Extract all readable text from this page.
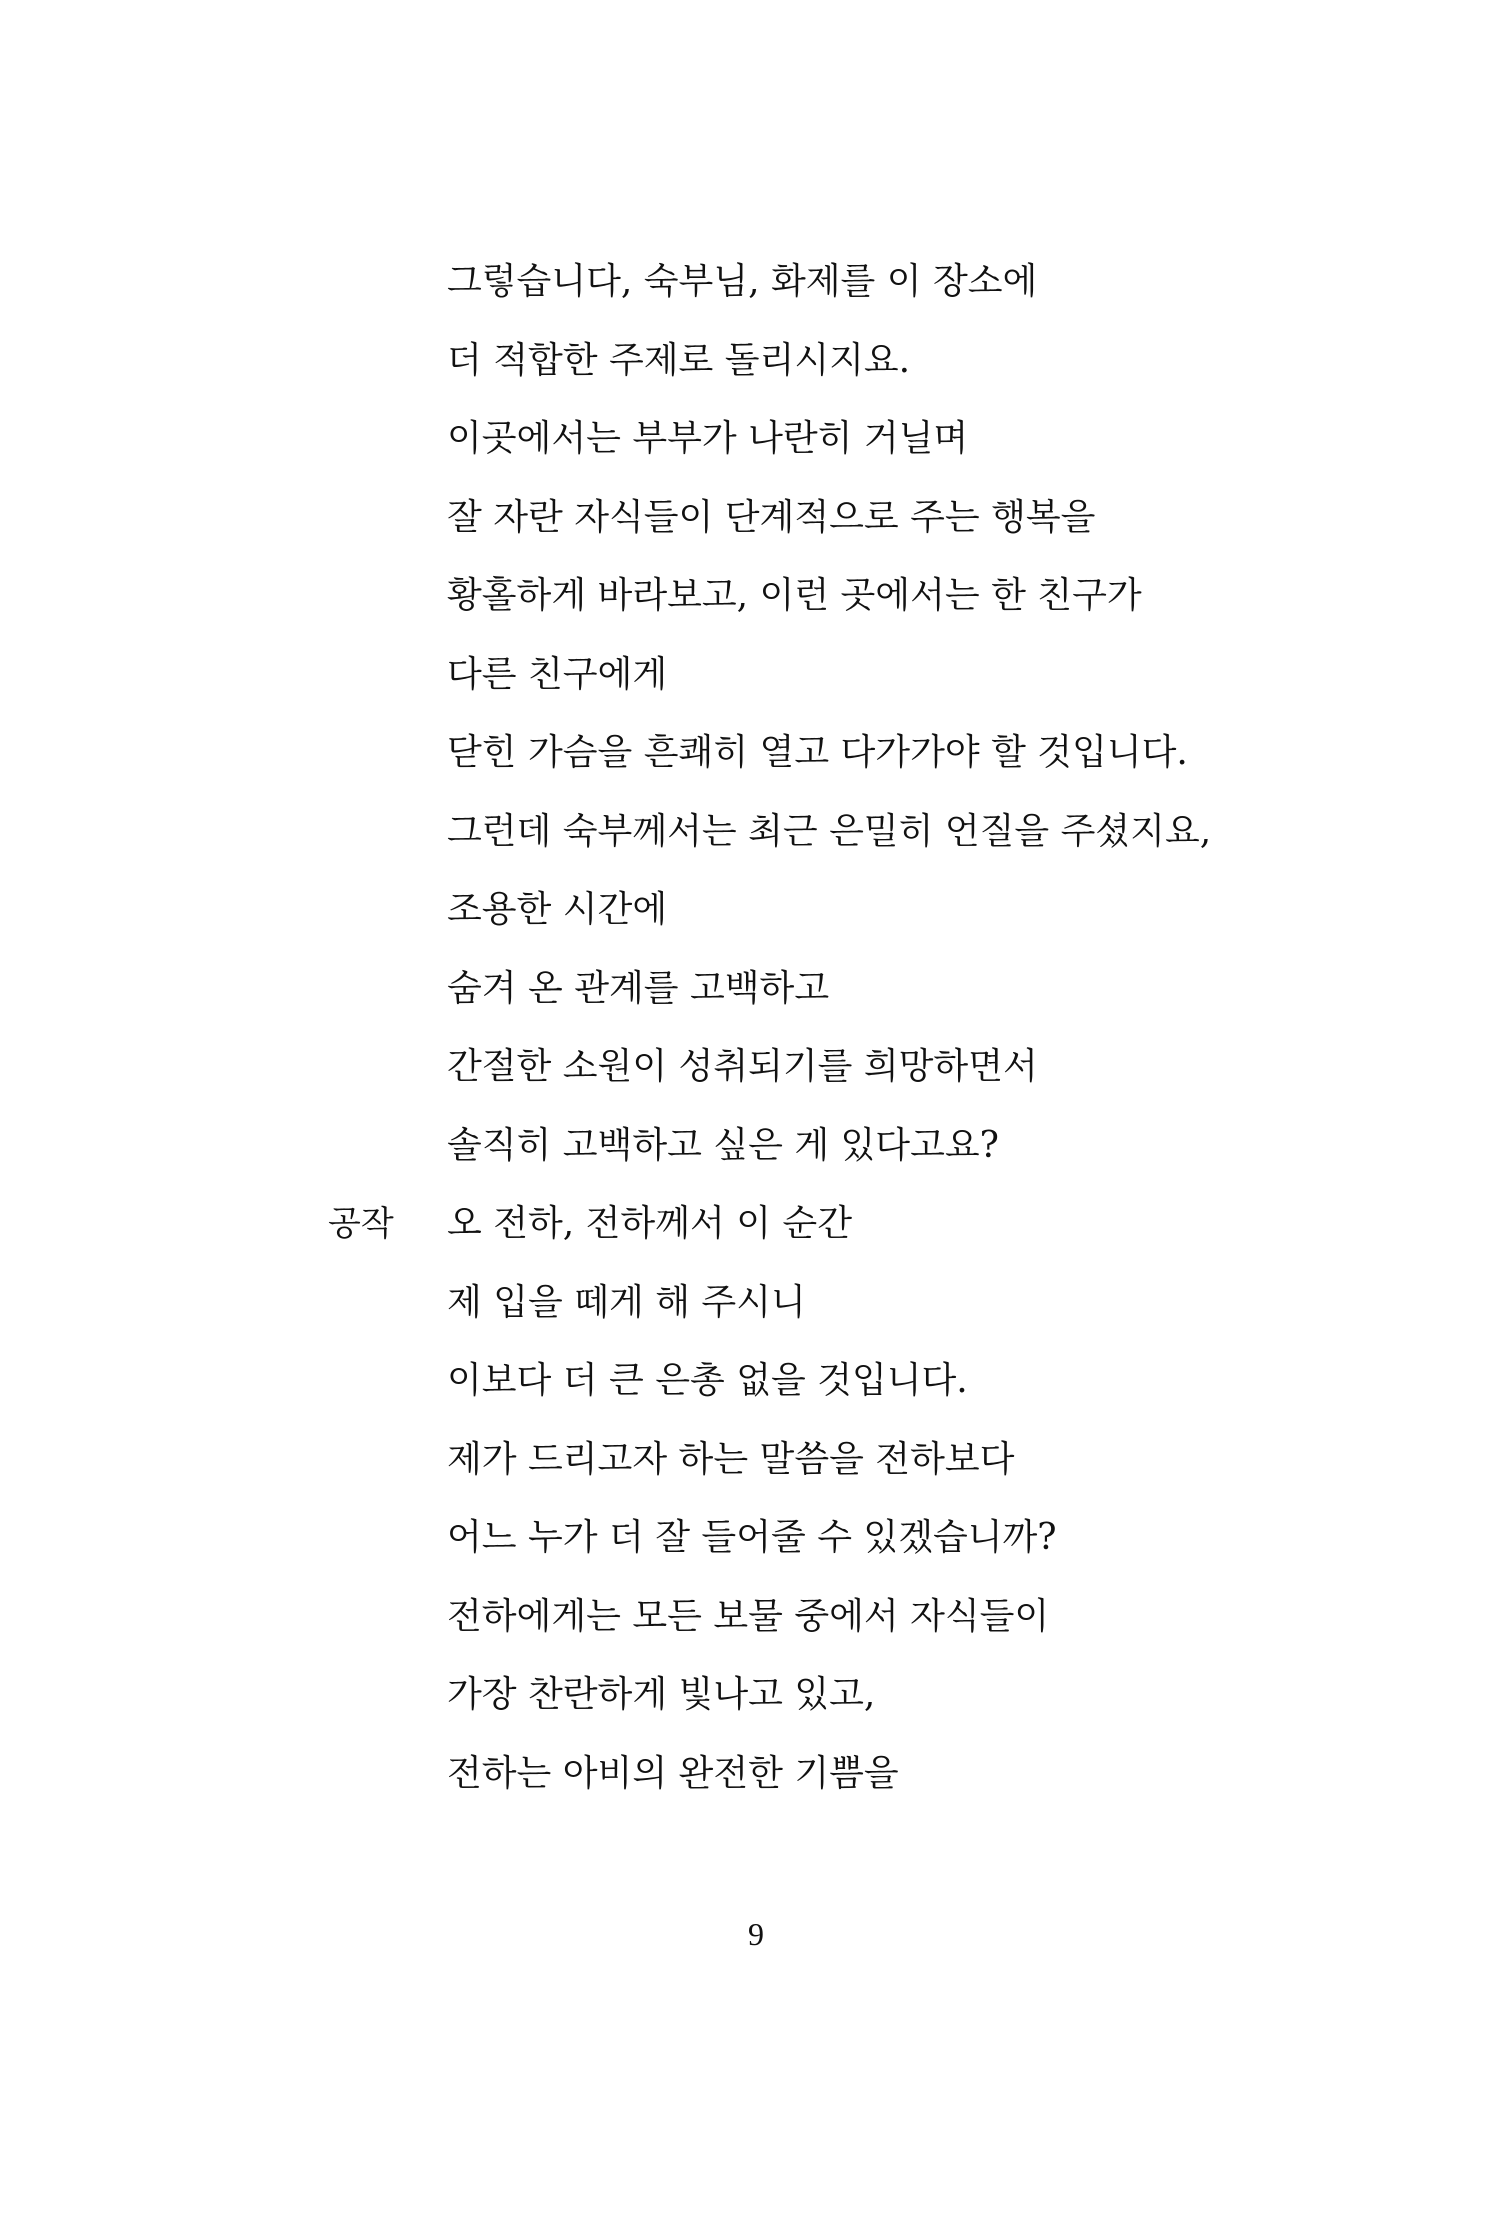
그렇습니다, 숙부님, 화제를 이 장소에
더 적합한 주제로 돌리시지요.
이곳에서는 부부가 나란히 거닐며
잘 자란 자식들이 단계적으로 주는 행복을
황홀하게 바라보고, 이런 곳에서는 한 친구가
다른 친구에게
닫힌 가슴을 흔쾌히 열고 다가가야 할 것입니다.
그런데 숙부께서는 최근 은밀히 언질을 주셨지요,
조용한 시간에
숨겨 온 관계를 고백하고
간절한 소원이 성취되기를 희망하면서
솔직히 고백하고 싶은 게 있다고요?
공작 오 전하, 전하께서 이 순간
제 입을 떼게 해 주시니
이보다 더 큰 은총 없을 것입니다.
제가 드리고자 하는 말씀을 전하보다
어느 누가 더 잘 들어줄 수 있겠습니까?
전하에게는 모든 보물 중에서 자식들이
가장 찬란하게 빛나고 있고,
전하는 아비의 완전한 기쁨을
9
